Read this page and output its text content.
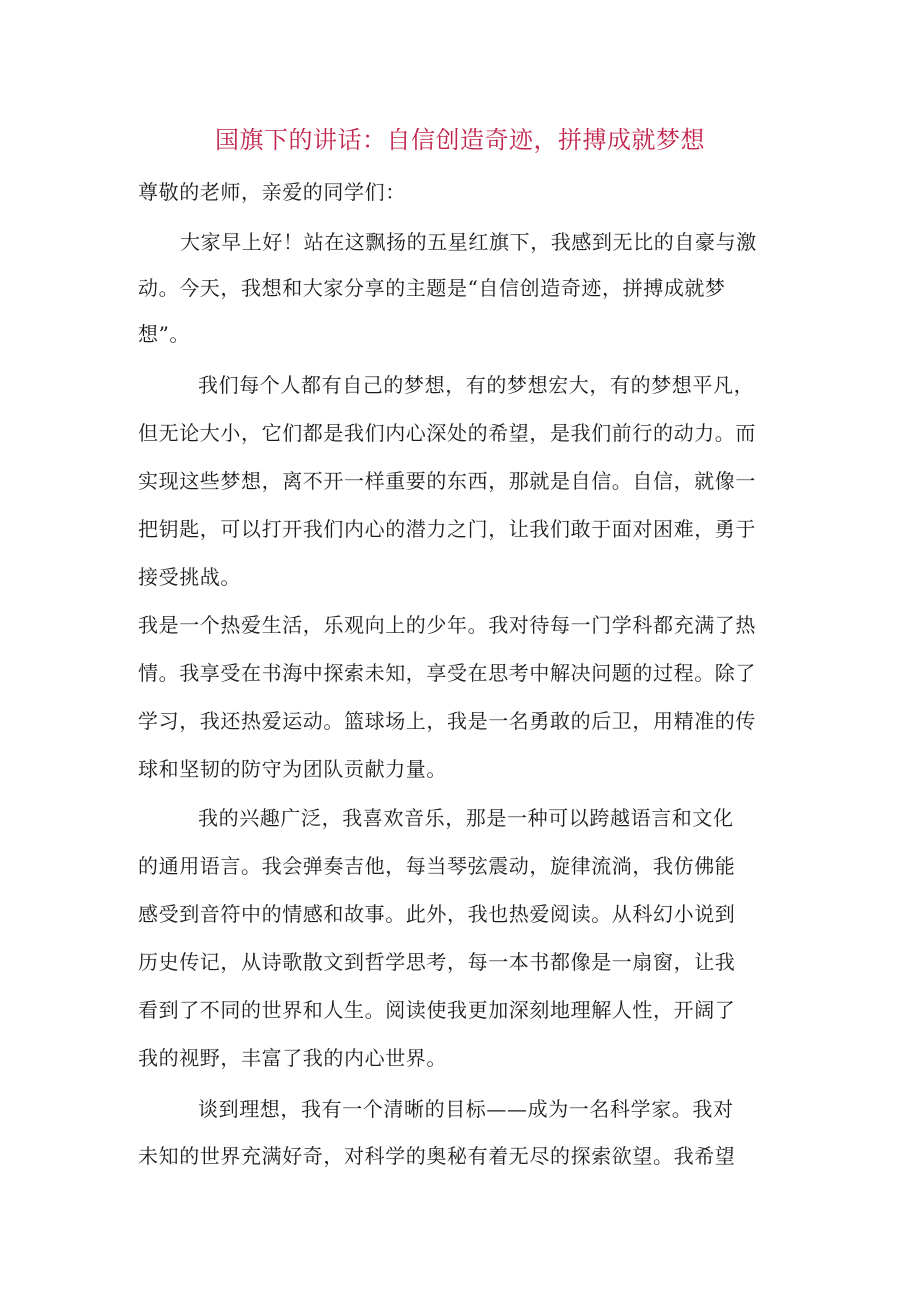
国旗下的讲话：自信创造奇迹，拼搏成就梦想
尊敬的老师，亲爱的同学们：
大家早上好！站在这飘扬的五星红旗下，我感到无比的自豪与激
动。今天，我想和大家分享的主题是“自信创造奇迹，拼搏成就梦
想”。
我们每个人都有自己的梦想，有的梦想宏大，有的梦想平凡，
但无论大小，它们都是我们内心深处的希望，是我们前行的动力。而
实现这些梦想，离不开一样重要的东西，那就是自信。自信，就像一
把钥匙，可以打开我们内心的潜力之门，让我们敢于面对困难，勇于
接受挑战。
我是一个热爱生活，乐观向上的少年。我对待每一门学科都充满了热
情。我享受在书海中探索未知，享受在思考中解决问题的过程。除了
学习，我还热爱运动。篮球场上，我是一名勇敢的后卫，用精准的传
球和坚韧的防守为团队贡献力量。
我的兴趣广泛，我喜欢音乐，那是一种可以跨越语言和文化
的通用语言。我会弹奏吉他，每当琴弦震动，旋律流淌，我仿佛能
感受到音符中的情感和故事。此外，我也热爱阅读。从科幻小说到
历史传记，从诗歌散文到哲学思考，每一本书都像是一扇窗，让我
看到了不同的世界和人生。阅读使我更加深刻地理解人性，开阔了
我的视野，丰富了我的内心世界。
谈到理想，我有一个清晰的目标——成为一名科学家。我对
未知的世界充满好奇，对科学的奥秘有着无尽的探索欲望。我希望
